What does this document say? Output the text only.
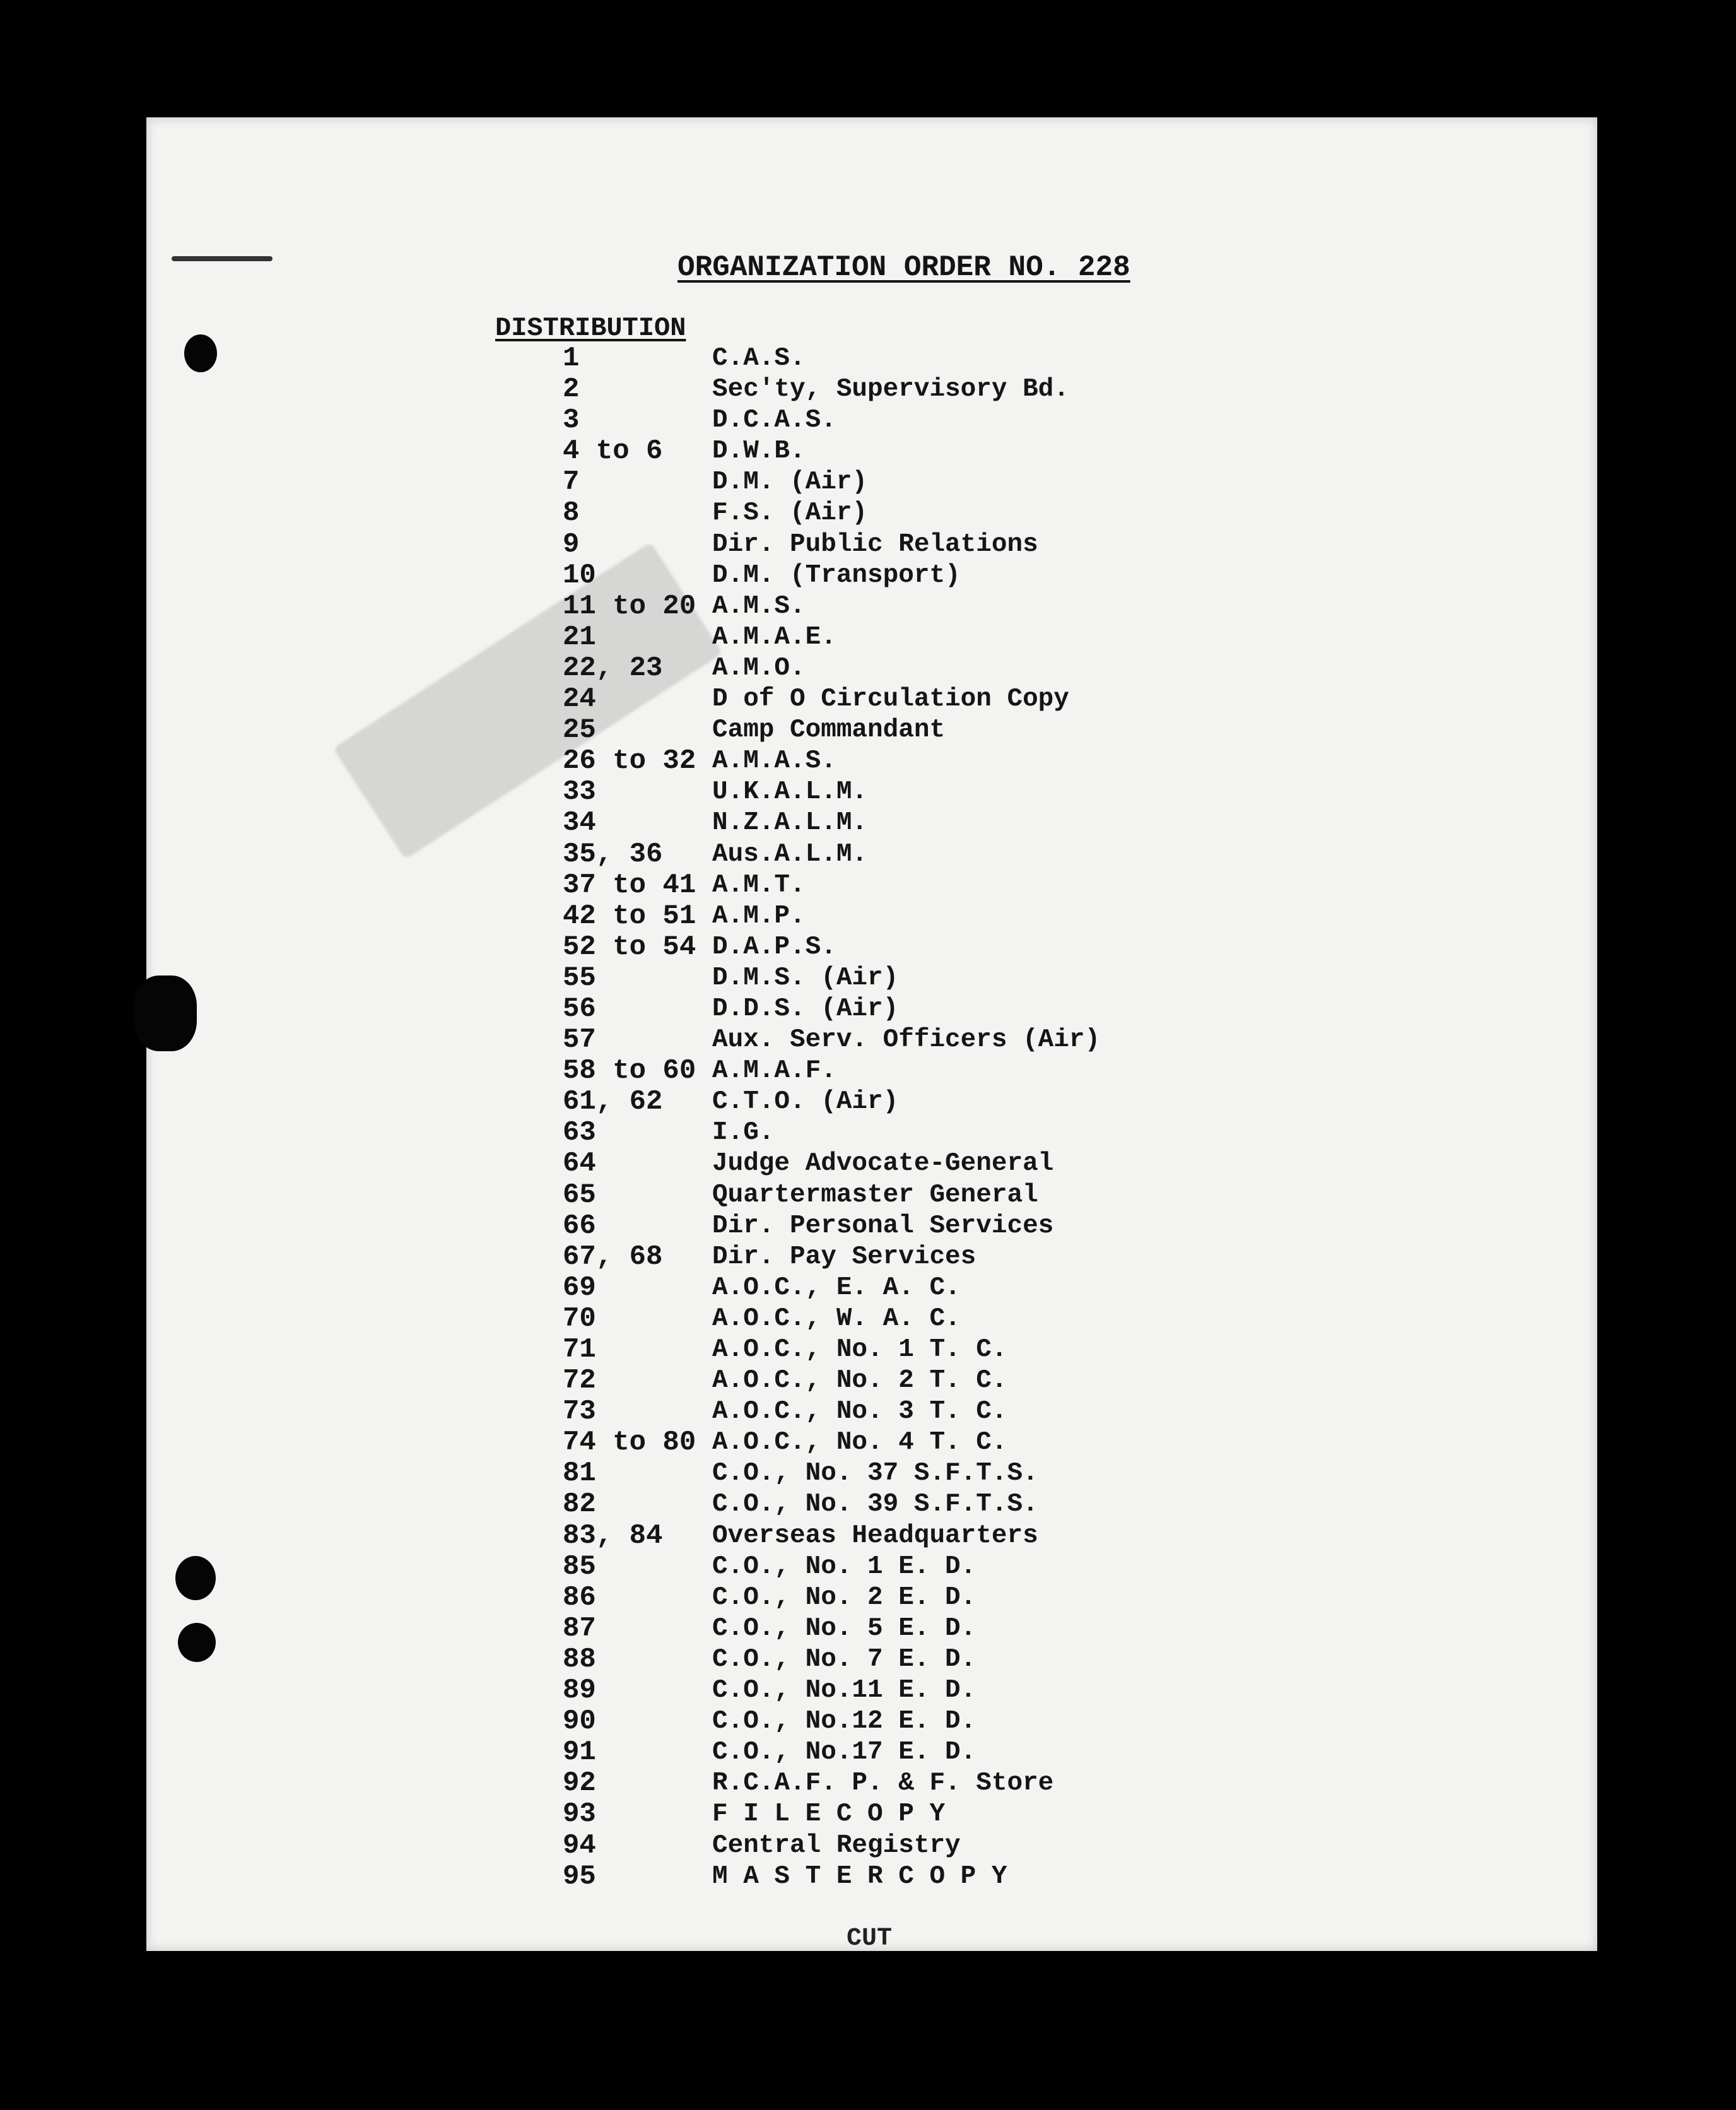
ORGANIZATION ORDER NO. 228
DISTRIBUTION
1	C.A.S.
2	Sec'ty, Supervisory Bd.
3	D.C.A.S.
4 to 6 D.W.B.
7	D.M. (Air)
8	F.S. (Air)
9	Dir. Public Relations
10	D.M. (Transport)
11 to 20 A.M.S.
21	A.M.A.E.
22, 23 A.M.O.
24	D of O Circulation Copy
25	Camp Commandant
26 to 32 A.M.A.S.
33	U.K.A.L.M.
34	N.Z.A.L.M.
35, 36 Aus.A.L.M.
37 to 41 A.M.T.
42 to 51 A.M.P.
52 to 54 D.A.P.S.
55	D.M.S. (Air)
56	D.D.S. (Air)
57	Aux. Serv. Officers (Air)
58 to 60 A.M.A.F.
61, 62 C.T.O. (Air)
63	I.G.
64	Judge Advocate-General
65	Quartermaster General
66	Dir. Personal Services
67, 68 Dir. Pay Services
69	A.O.C., E. A. C.
70	A.O.C., W. A. C.
71	A.O.C., No. 1 T. C.
72	A.O.C., No. 2 T. C.
73	A.O.C., No. 3 T. C.
74 to 80 A.O.C., No. 4 T. C.
81	C.O., No. 37 S.F.T.S.
82	C.O., No. 39 S.F.T.S.
83, 84 Overseas Headquarters
85	C.O., No. 1 E. D.
86	C.O., No. 2 E. D.
87	C.O., No. 5 E. D.
88	C.O., No. 7 E. D.
89	C.O., No.11 E. D.
90	C.O., No.12 E. D.
91	C.O., No.17 E. D.
92	R.C.A.F. P. & F. Store
93	F I L E C O P Y
94	Central Registry
95	M A S T E R C O P Y
CUT
